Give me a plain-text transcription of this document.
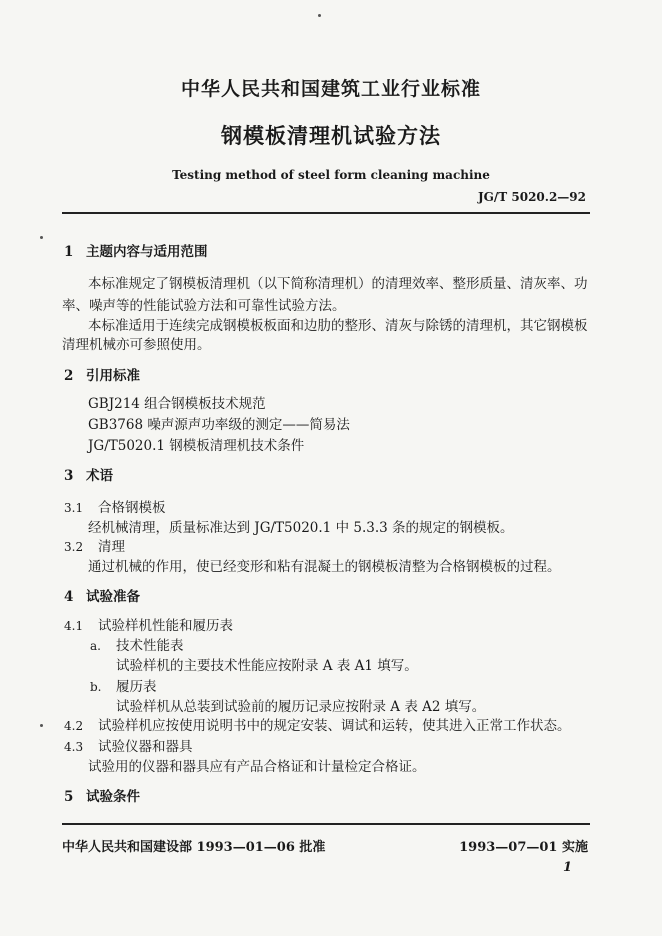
中华人民共和国建筑工业行业标准
钢模板清理机试验方法
Testing method of steel form cleaning machine
JG/T 5020.2—92
1 主题内容与适用范围
本标准规定了钢模板清理机（以下简称清理机）的清理效率、整形质量、清灰率、功
率、噪声等的性能试验方法和可靠性试验方法。
本标准适用于连续完成钢模板板面和边肋的整形、清灰与除锈的清理机，其它钢模板
清理机械亦可参照使用。
2 引用标准
GBJ214 组合钢模板技术规范
GB3768 噪声源声功率级的测定——简易法
JG/T5020.1 钢模板清理机技术条件
3 术语
3.1 合格钢模板
经机械清理，质量标准达到 JG/T5020.1 中 5.3.3 条的规定的钢模板。
3.2 清理
通过机械的作用，使已经变形和粘有混凝土的钢模板清整为合格钢模板的过程。
4 试验准备
4.1 试验样机性能和履历表
a. 技术性能表
试验样机的主要技术性能应按附录 A 表 A1 填写。
b. 履历表
试验样机从总装到试验前的履历记录应按附录 A 表 A2 填写。
4.2 试验样机应按使用说明书中的规定安装、调试和运转，使其进入正常工作状态。
4.3 试验仪器和器具
试验用的仪器和器具应有产品合格证和计量检定合格证。
5 试验条件
中华人民共和国建设部 1993—01—06 批准	1993—07—01 实施
1
